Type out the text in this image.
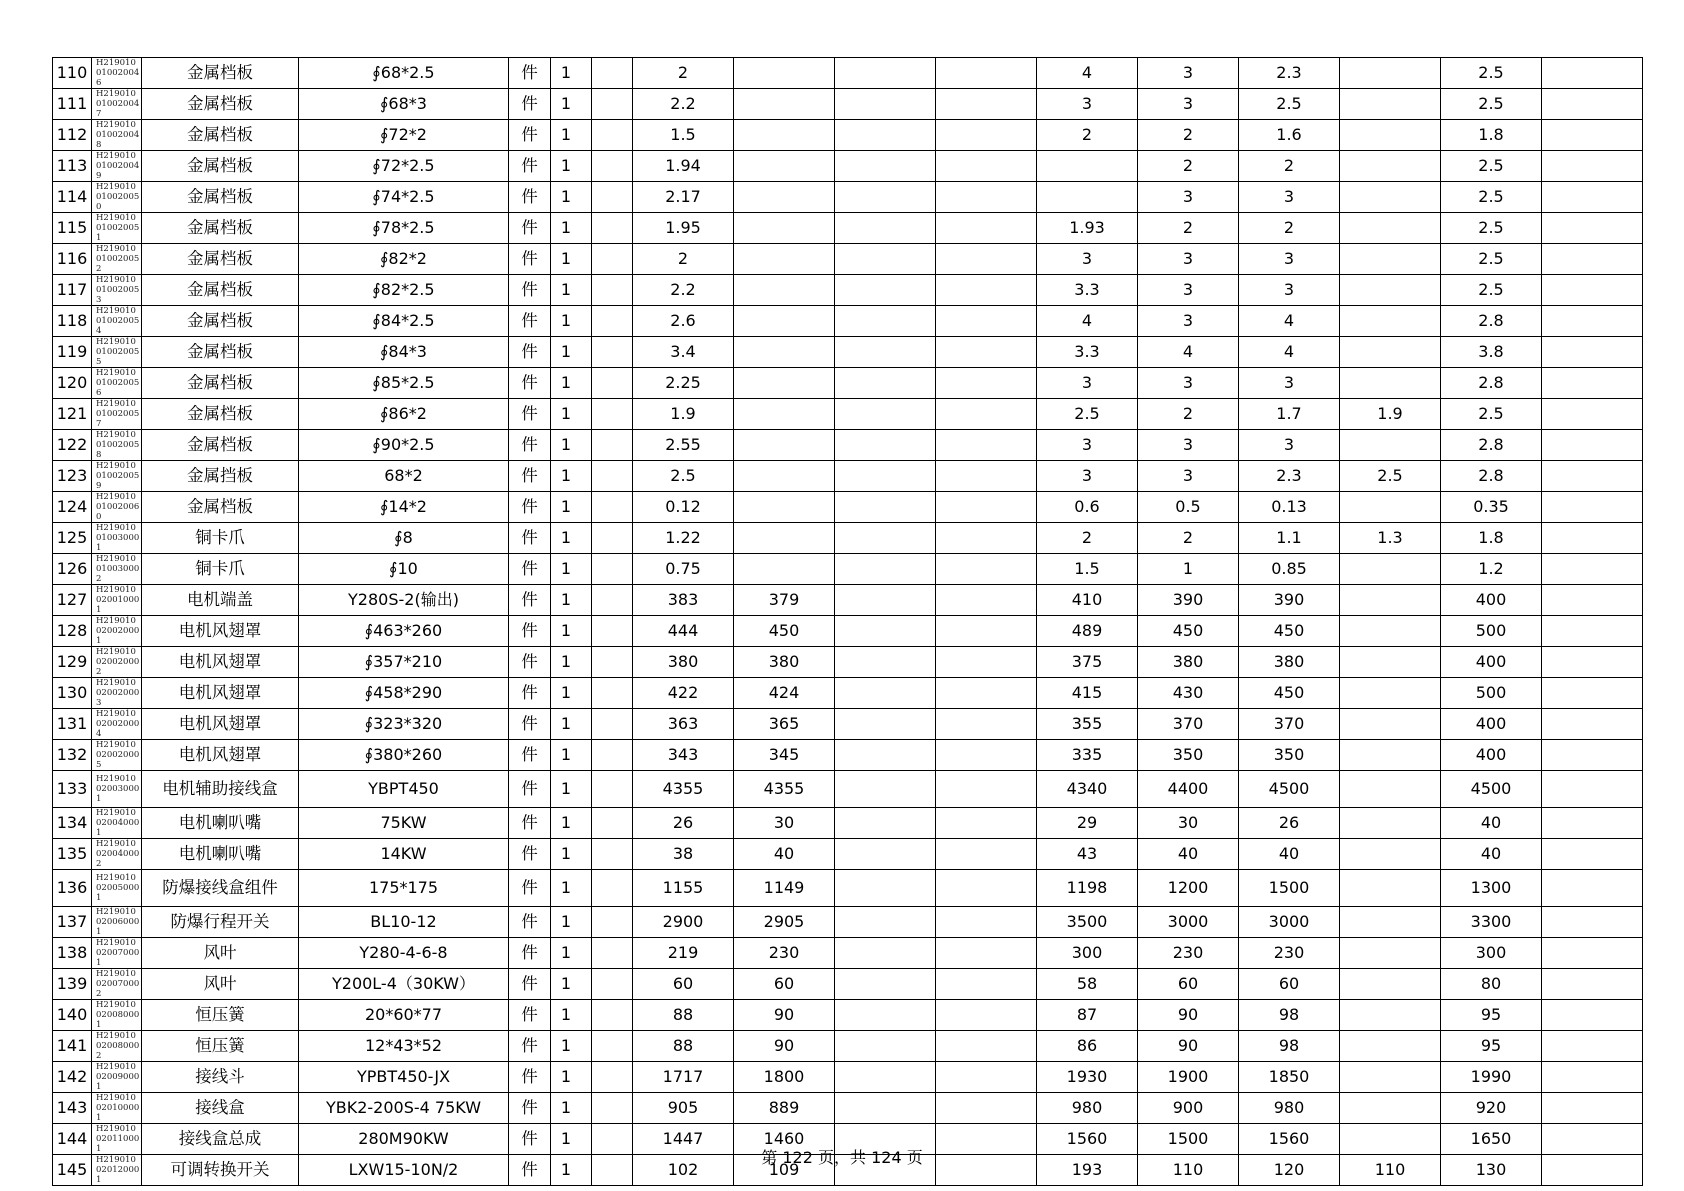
110	H219010010020046	金属档板	∮68*2.5	件	1		2				4	3	2.3		2.5	
111	H219010010020047	金属档板	∮68*3	件	1		2.2				3	3	2.5		2.5	
112	H219010010020048	金属档板	∮72*2	件	1		1.5				2	2	1.6		1.8	
113	H219010010020049	金属档板	∮72*2.5	件	1		1.94					2	2		2.5	
114	H219010010020050	金属档板	∮74*2.5	件	1		2.17					3	3		2.5	
115	H219010010020051	金属档板	∮78*2.5	件	1		1.95				1.93	2	2		2.5	
116	H219010010020052	金属档板	∮82*2	件	1		2				3	3	3		2.5	
117	H219010010020053	金属档板	∮82*2.5	件	1		2.2				3.3	3	3		2.5	
118	H219010010020054	金属档板	∮84*2.5	件	1		2.6				4	3	4		2.8	
119	H219010010020055	金属档板	∮84*3	件	1		3.4				3.3	4	4		3.8	
120	H219010010020056	金属档板	∮85*2.5	件	1		2.25				3	3	3		2.8	
121	H219010010020057	金属档板	∮86*2	件	1		1.9				2.5	2	1.7	1.9	2.5	
122	H219010010020058	金属档板	∮90*2.5	件	1		2.55				3	3	3		2.8	
123	H219010010020059	金属挡板	68*2	件	1		2.5				3	3	2.3	2.5	2.8	
124	H219010010020060	金属档板	∮14*2	件	1		0.12				0.6	0.5	0.13		0.35	
125	H219010010030001	铜卡爪	∮8	件	1		1.22				2	2	1.1	1.3	1.8	
126	H219010010030002	铜卡爪	∮10	件	1		0.75				1.5	1	0.85		1.2	
127	H219010020010001	电机端盖	Y280S-2(输出)	件	1		383	379			410	390	390		400	
128	H219010020020001	电机风翅罩	∮463*260	件	1		444	450			489	450	450		500	
129	H219010020020002	电机风翅罩	∮357*210	件	1		380	380			375	380	380		400	
130	H219010020020003	电机风翅罩	∮458*290	件	1		422	424			415	430	450		500	
131	H219010020020004	电机风翅罩	∮323*320	件	1		363	365			355	370	370		400	
132	H219010020020005	电机风翅罩	∮380*260	件	1		343	345			335	350	350		400	
133	H219010020030001	电机辅助接线盒	YBPT450	件	1		4355	4355			4340	4400	4500		4500	
134	H219010020040001	电机喇叭嘴	75KW	件	1		26	30			29	30	26		40	
135	H219010020040002	电机喇叭嘴	14KW	件	1		38	40			43	40	40		40	
136	H219010020050001	防爆接线盒组件	175*175	件	1		1155	1149			1198	1200	1500		1300	
137	H219010020060001	防爆行程开关	BL10-12	件	1		2900	2905			3500	3000	3000		3300	
138	H219010020070001	风叶	Y280-4-6-8	件	1		219	230			300	230	230		300	
139	H219010020070002	风叶	Y200L-4（30KW）	件	1		60	60			58	60	60		80	
140	H219010020080001	恒压簧	20*60*77	件	1		88	90			87	90	98		95	
141	H219010020080002	恒压簧	12*43*52	件	1		88	90			86	90	98		95	
142	H219010020090001	接线斗	YPBT450-JX	件	1		1717	1800			1930	1900	1850		1990	
143	H219010020100001	接线盒	YBK2-200S-4 75KW	件	1		905	889			980	900	980		920	
144	H219010020110001	接线盒总成	280M90KW	件	1		1447	1460			1560	1500	1560		1650	
145	H219010020120001	可调转换开关	LXW15-10N/2	件	1		102	109			193	110	120	110	130	
第 122 页，共 124 页
